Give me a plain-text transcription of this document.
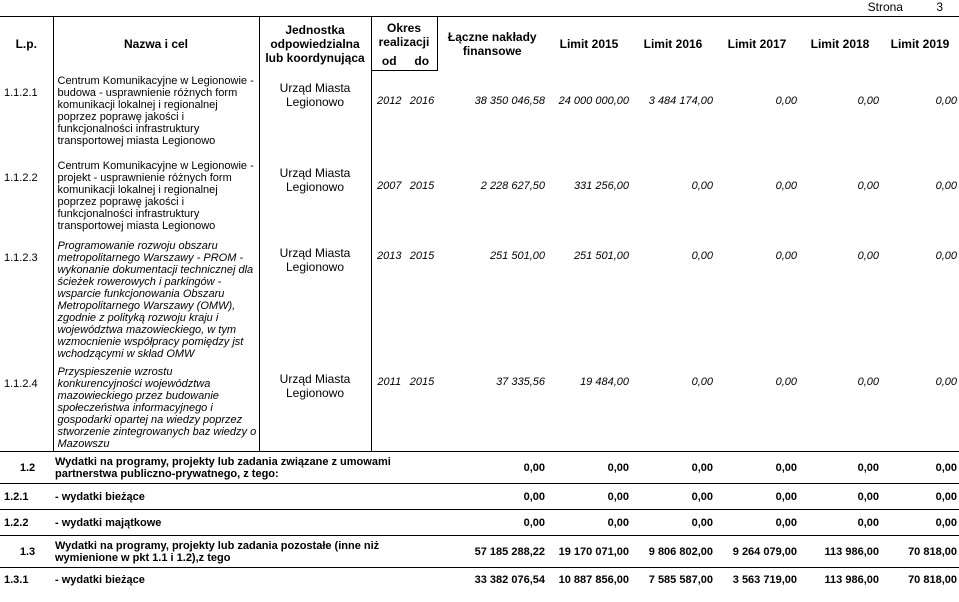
Strona	3
L.p.	Nazwa i cel	Jednostka odpowiedzialna lub koordynująca	Okres realizacji		Łączne nakłady finansowe	Limit 2015	Limit 2016	Limit 2017	Limit 2018	Limit 2019
			od	do						
1.1.2.1	Centrum Komunikacyjne w Legionowie - budowa - usprawnienie różnych form komunikacji lokalnej i regionalnej poprzez poprawę jakości i funkcjonalności infrastruktury transportowej miasta Legionowo	Urząd Miasta Legionowo	2012	2016	38 350 046,58	24 000 000,00	3 484 174,00	0,00	0,00	0,00
1.1.2.2	Centrum Komunikacyjne w Legionowie - projekt - usprawnienie różnych form komunikacji lokalnej i regionalnej poprzez poprawę jakości i funkcjonalności infrastruktury transportowej miasta Legionowo	Urząd Miasta Legionowo	2007	2015	2 228 627,50	331 256,00	0,00	0,00	0,00	0,00
1.1.2.3	Programowanie rozwoju obszaru metropolitarnego Warszawy - PROM - wykonanie dokumentacji technicznej dla ścieżek rowerowych i parkingów - wsparcie funkcjonowania Obszaru Metropolitarnego Warszawy (OMW), zgodnie z polityką rozwoju kraju i województwa mazowieckiego, w tym wzmocnienie współpracy pomiędzy jst wchodzącymi w skład OMW	Urząd Miasta Legionowo	2013	2015	251 501,00	251 501,00	0,00	0,00	0,00	0,00
1.1.2.4	Przyspieszenie wzrostu konkurencyjności województwa mazowieckiego przez budowanie społeczeństwa informacyjnego i gospodarki opartej na wiedzy poprzez stworzenie zintegrowanych baz wiedzy o Mazowszu	Urząd Miasta Legionowo	2011	2015	37 335,56	19 484,00	0,00	0,00	0,00	0,00
1.2	Wydatki na programy, projekty lub zadania związane z umowami partnerstwa publiczno-prywatnego, z tego:				0,00	0,00	0,00	0,00	0,00	0,00
1.2.1	- wydatki bieżące				0,00	0,00	0,00	0,00	0,00	0,00
1.2.2	- wydatki majątkowe				0,00	0,00	0,00	0,00	0,00	0,00
1.3	Wydatki na programy, projekty lub zadania pozostałe (inne niż wymienione w pkt 1.1 i 1.2),z tego				57 185 288,22	19 170 071,00	9 806 802,00	9 264 079,00	113 986,00	70 818,00
1.3.1	- wydatki bieżące				33 382 076,54	10 887 856,00	7 585 587,00	3 563 719,00	113 986,00	70 818,00
